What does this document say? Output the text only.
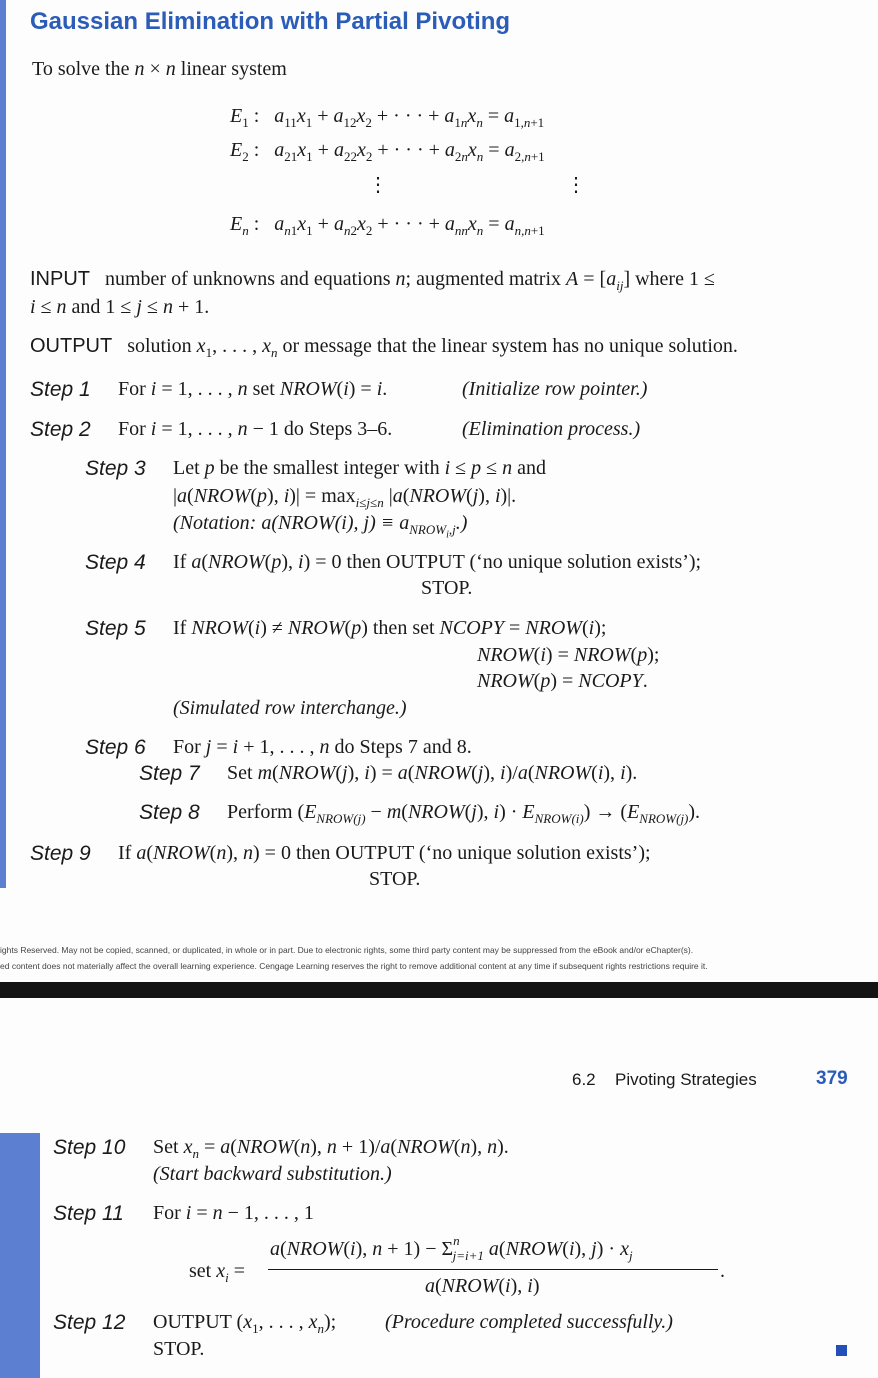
Gaussian Elimination with Partial Pivoting
To solve the n × n linear system
$E_1$ :   $a_{11}x_1 + a_{12}x_2$ + · · · + $a_{1n}x_n = a_{1,n+1}$
$E_2$ :   $a_{21}x_1 + a_{22}x_2$ + · · · + $a_{2n}x_n = a_{2,n+1}$
⋮	⋮
$E_n$ :   $a_{n1}x_1 + a_{n2}x_2$ + · · · + $a_{nn}x_n = a_{n,n+1}$
INPUT   number of unknowns and equations n; augmented matrix $A = [a_{ij}]$ where 1 ≤
i ≤ n and 1 ≤ j ≤ n + 1.
OUTPUT   solution $x_1$, . . . , $x_n$ or message that the linear system has no unique solution.
Step 1 For i = 1, . . . , n set NROW(i) = i.	(Initialize row pointer.)
Step 2 For i = 1, . . . , n − 1 do Steps 3–6.	(Elimination process.)
Step 3 Let p be the smallest integer with i ≤ p ≤ n and
|a(NROW(p), $i)| = \max_{i\le j\le n}$ |a(NROW(j), i)|.
(Notation: a(NROW(i), $j) \equiv a_{NROW_i,j}$.)
Step 4 If a(NROW(p), i) = 0 then OUTPUT (‘no unique solution exists’);
STOP.
Step 5 If NROW(i) ≠ NROW(p) then set NCOPY = NROW(i);
NROW(i) = NROW(p);
NROW(p) = NCOPY.
(Simulated row interchange.)
Step 6 For j = i + 1, . . . , n do Steps 7 and 8.
Step 7 Set m(NROW(j), i) = a(NROW(j), i)/a(NROW(i), i).
Step 8 Perform ($E_{NROW(j)}$ − m(NROW(j), $i) \cdot E_{NROW(i)}) \to (E_{NROW(j)})$.
Step 9 If a(NROW(n), n) = 0 then OUTPUT (‘no unique solution exists’);
STOP.
ights Reserved. May not be copied, scanned, or duplicated, in whole or in part. Due to electronic rights, some third party content may be suppressed from the eBook and/or eChapter(s).
ed content does not materially affect the overall learning experience. Cengage Learning reserves the right to remove additional content at any time if subsequent rights restrictions require it.
6.2 Pivoting Strategies	379
Step 10 Set $x_n$ = a(NROW(n), n + 1)/a(NROW(n), n).
(Start backward substitution.)
Step 11 For i = n − 1, . . . , 1
set $x_i$ =
a(NROW(i), $n + 1) - \Sigma^n_{j=i+1}$ a(NROW(i), $j) \cdot x_j$
.
a(NROW(i), i)
Step 12 OUTPUT ($x_1$, . . . , $x_n$); (Procedure completed successfully.)
STOP.
